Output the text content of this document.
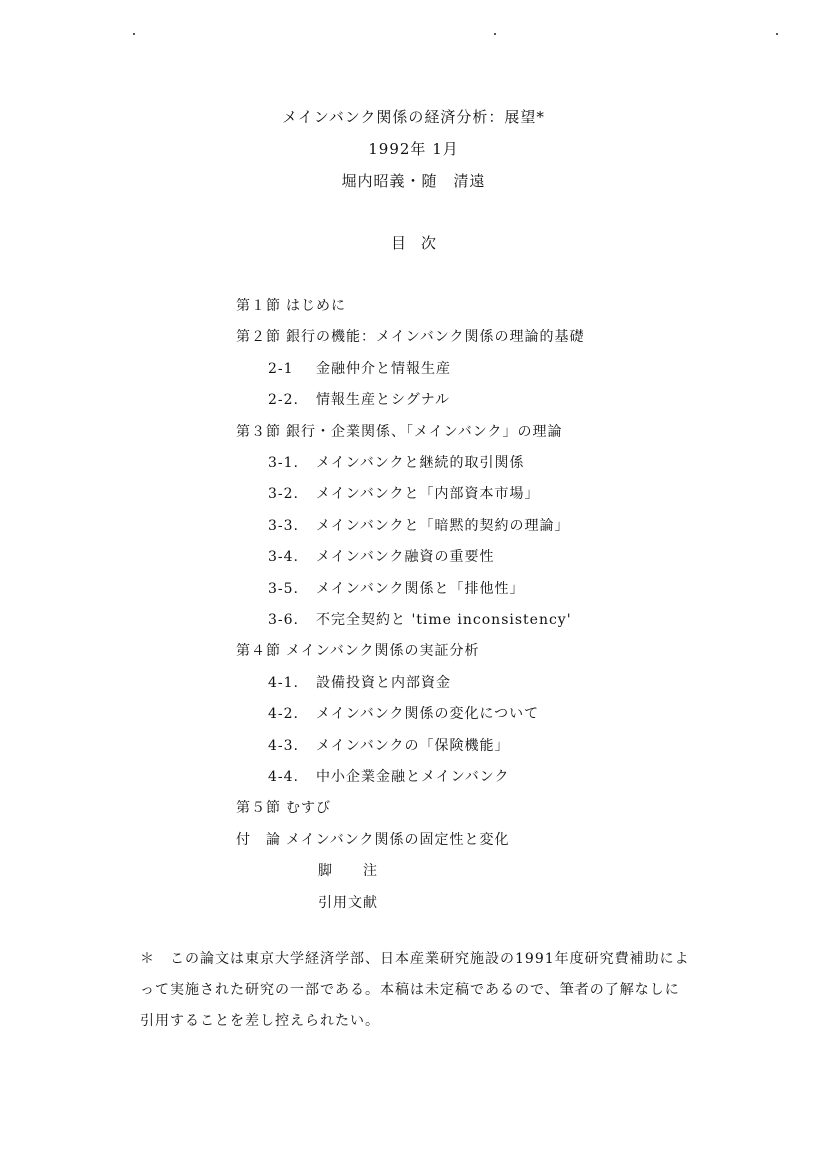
メインバンク関係の経済分析：展望*
1992年 1月
堀内昭義・随　清遠
目　次
第１節 はじめに
第２節 銀行の機能：メインバンク関係の理論的基礎
2-1 金融仲介と情報生産
2-2. 情報生産とシグナル
第３節 銀行・企業関係、「メインバンク」の理論
3-1. メインバンクと継続的取引関係
3-2. メインバンクと「内部資本市場」
3-3. メインバンクと「暗黙的契約の理論」
3-4. メインバンク融資の重要性
3-5. メインバンク関係と「排他性」
3-6. 不完全契約と 'time inconsistency'
第４節 メインバンク関係の実証分析
4-1. 設備投資と内部資金
4-2. メインバンク関係の変化について
4-3. メインバンクの「保険機能」
4-4. 中小企業金融とメインバンク
第５節 むすび
付　論 メインバンク関係の固定性と変化
脚　　注
引用文献
＊ この論文は東京大学経済学部、日本産業研究施設の1991年度研究費補助によ
って実施された研究の一部である。本稿は未定稿であるので、筆者の了解なしに
引用することを差し控えられたい。
